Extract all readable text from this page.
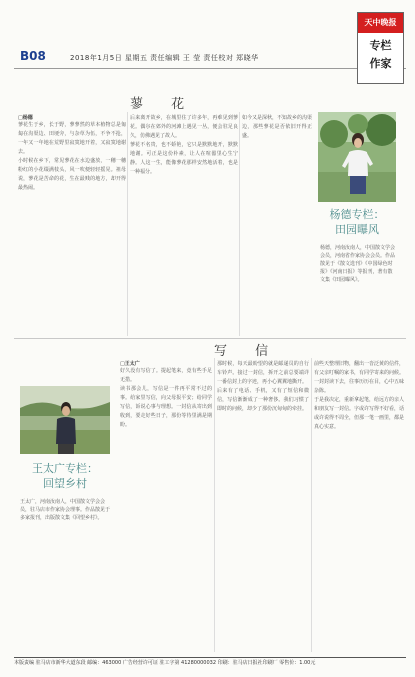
B08	2018年1月5日 星期五 责任编辑 王 莹 责任校对 郑晓华
天中晚报
专栏
作家
蓼 花
□杨德
蓼花生于乡，长于野，蓼蓼然的草本植物总是匍匐在沟渠边、田埂旁，与杂草为伍，不争不抢，一年又一年地在荒野里寂寞地开着，又寂寞地谢去。
小时候在乡下，常见蓼花在水边盛放，一穗一穗粉红的小花缀满枝头，风一吹便轻轻摇晃。祖母说，蓼花是苦命的花，生在最贱的地方，却开得最热闹。
后来离开故乡，在城里住了许多年，再难见到蓼花。偶尔在郊外的河滩上遇见一丛，便会驻足良久，仿佛遇见了故人。
蓼花不名贵，也不娇艳，它只是默默地开，默默地谢。可正是这份朴素，让人在喧嚣里心生宁静。人这一生，能像蓼花那样安然地活着，也是一种福分。
如今又是深秋，不知故乡的沟渠边，那些蓼花是否依旧开得正盛。
杨德专栏：
田园曝风
杨德，河南汝南人，中国散文学会会员，河南省作家协会会员。作品散见于《散文选刊》《中国绿色时报》《河南日报》等报刊，著有散文集《田园曝风》。
写 信
王太广专栏：
回望乡村
王太广，河南汝南人，中国散文学会会员，驻马店市作家协会理事。作品散见于多家报刊，出版散文集《回望乡村》。
□王太广
好久没有写信了。提起笔来，竟有些手足无措。
读书那会儿，写信是一件再平常不过的事。给家里写信，向父母报平安；给同学写信，诉说心事与理想。一封信从寄出到收到，要走好些日子，那份等待里满是期盼。
那时候，每天最盼望的就是邮递员的自行车铃声。接过一封信，拆开之前总要端详一番信封上的字迹，再小心翼翼地撕开。
后来有了电话、手机，又有了短信和微信，写信渐渐成了一种奢侈。我们习惯了即时的问候，却少了那份沉甸甸的牵挂。
前些天整理旧物，翻出一沓泛黄的信件，有父亲叮嘱的家书，有同学寄来的问候。一封封读下去，往事历历在目，心中五味杂陈。
于是我决定，重新拿起笔，给远方的亲人和朋友写一封信。字或许写得不好看，话或许说得不周全，但那一笔一画里，都是真心实意。
本版责编 驻马店市新华大道东段 邮编：463000 广告经营许可证 驻工字第 41280000032 印刷：驻马店日报社印刷厂 零售价：1.00元
